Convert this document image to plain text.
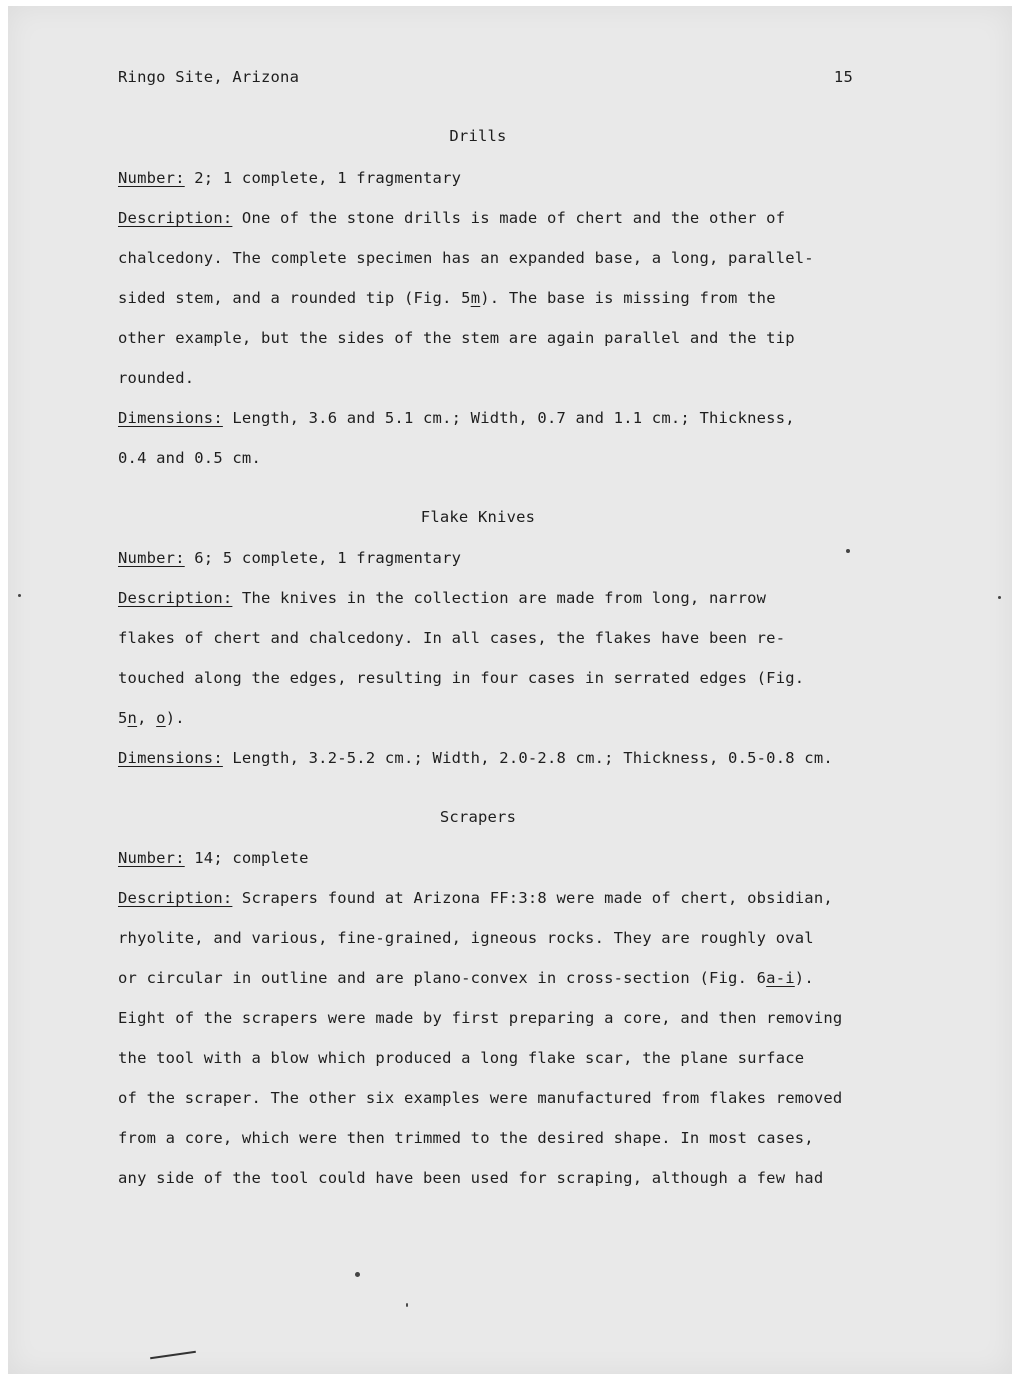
Ringo Site, Arizona	15
Drills
Number: 2; 1 complete, 1 fragmentary
Description: One of the stone drills is made of chert and the other of
chalcedony. The complete specimen has an expanded base, a long, parallel-
sided stem, and a rounded tip (Fig. 5m). The base is missing from the
other example, but the sides of the stem are again parallel and the tip
rounded.
Dimensions: Length, 3.6 and 5.1 cm.; Width, 0.7 and 1.1 cm.; Thickness,
0.4 and 0.5 cm.
Flake Knives
Number: 6; 5 complete, 1 fragmentary
Description: The knives in the collection are made from long, narrow
flakes of chert and chalcedony. In all cases, the flakes have been re-
touched along the edges, resulting in four cases in serrated edges (Fig.
5n, o).
Dimensions: Length, 3.2-5.2 cm.; Width, 2.0-2.8 cm.; Thickness, 0.5-0.8 cm.
Scrapers
Number: 14; complete
Description: Scrapers found at Arizona FF:3:8 were made of chert, obsidian,
rhyolite, and various, fine-grained, igneous rocks. They are roughly oval
or circular in outline and are plano-convex in cross-section (Fig. 6a-i).
Eight of the scrapers were made by first preparing a core, and then removing
the tool with a blow which produced a long flake scar, the plane surface
of the scraper. The other six examples were manufactured from flakes removed
from a core, which were then trimmed to the desired shape. In most cases,
any side of the tool could have been used for scraping, although a few had
